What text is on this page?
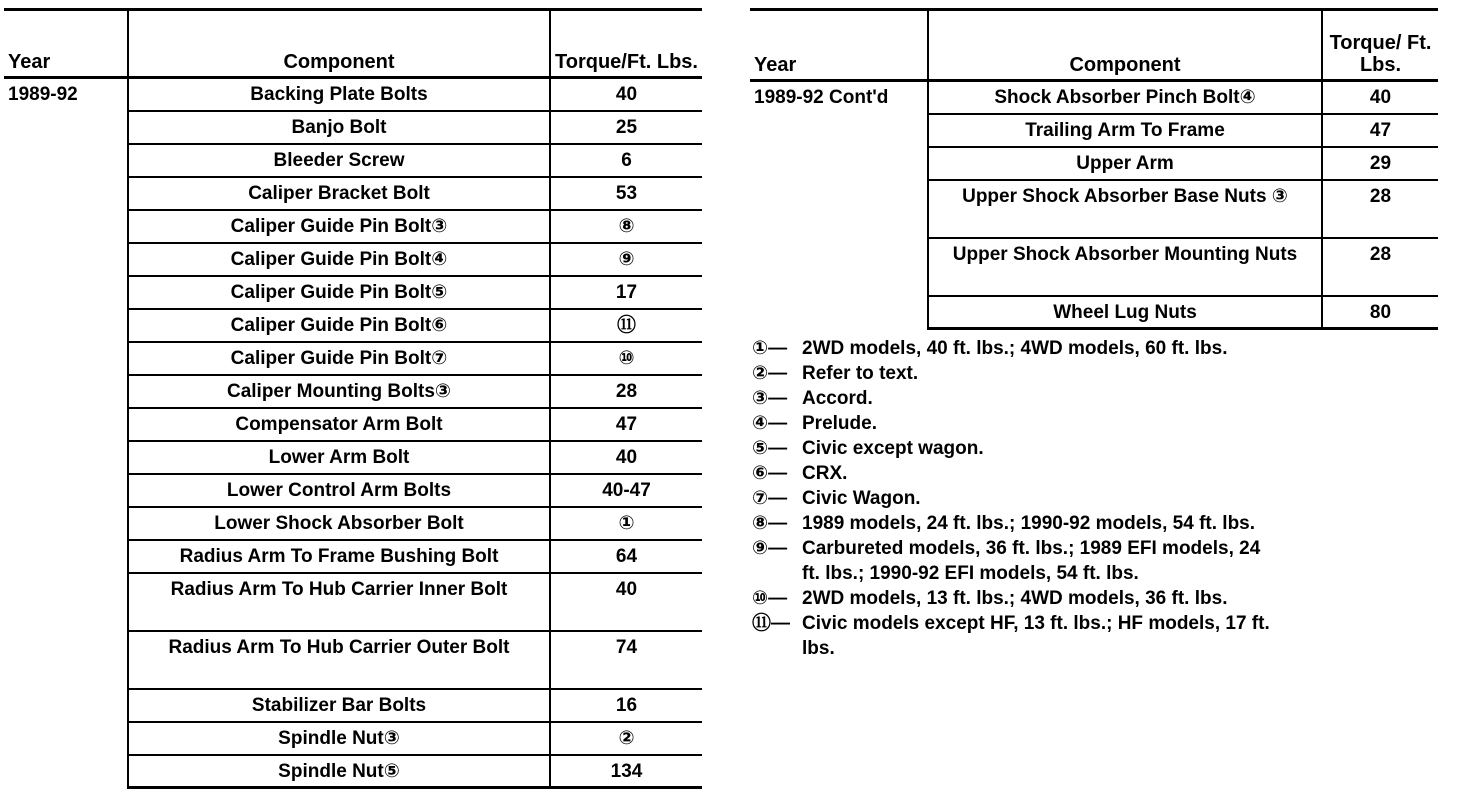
Year	Component	Torque/Ft. Lbs.
1989-92	Backing Plate Bolts	40
	Banjo Bolt	25
	Bleeder Screw	6
	Caliper Bracket Bolt	53
	Caliper Guide Pin Bolt③	⑧
	Caliper Guide Pin Bolt④	⑨
	Caliper Guide Pin Bolt⑤	17
	Caliper Guide Pin Bolt⑥	⑪
	Caliper Guide Pin Bolt⑦	⑩
	Caliper Mounting Bolts③	28
	Compensator Arm Bolt	47
	Lower Arm Bolt	40
	Lower Control Arm Bolts	40-47
	Lower Shock Absorber Bolt	①
	Radius Arm To Frame Bushing Bolt	64
	Radius Arm To Hub Carrier Inner Bolt	40
	Radius Arm To Hub Carrier Outer Bolt	74
	Stabilizer Bar Bolts	16
	Spindle Nut③	②
	Spindle Nut⑤	134
Year	Component	Torque/ Ft. Lbs.
1989-92 Cont'd	Shock Absorber Pinch Bolt④	40
	Trailing Arm To Frame	47
	Upper Arm	29
	Upper Shock Absorber Base Nuts ③	28
	Upper Shock Absorber Mounting Nuts	28
	Wheel Lug Nuts	80
①— 2WD models, 40 ft. lbs.; 4WD models, 60 ft. lbs.
②— Refer to text.
③— Accord.
④— Prelude.
⑤— Civic except wagon.
⑥— CRX.
⑦— Civic Wagon.
⑧— 1989 models, 24 ft. lbs.; 1990-92 models, 54 ft. lbs.
⑨— Carbureted models, 36 ft. lbs.; 1989 EFI models, 24 ft. lbs.; 1990-92 EFI models, 54 ft. lbs.
⑩— 2WD models, 13 ft. lbs.; 4WD models, 36 ft. lbs.
⑪— Civic models except HF, 13 ft. lbs.; HF models, 17 ft. lbs.
